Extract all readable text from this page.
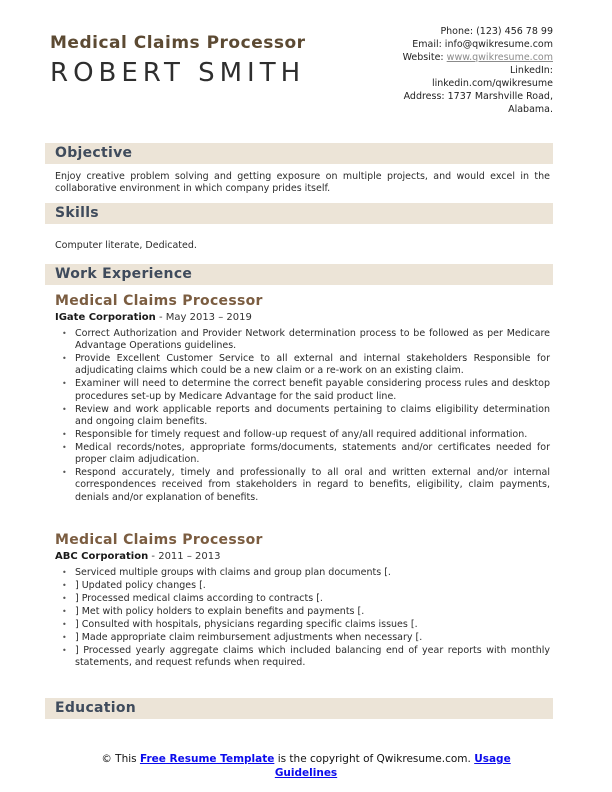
Medical Claims Processor
ROBERT SMITH
Phone: (123) 456 78 99
Email: info@qwikresume.com
Website: www.qwikresume.com
LinkedIn:
linkedin.com/qwikresume
Address: 1737 Marshville Road,
Alabama.
Objective

Enjoy creative problem solving and getting exposure on multiple projects, and would excel in the collaborative environment in which company prides itself.

Skills

Computer literate, Dedicated.

Work Experience
Medical Claims Processor
IGate Corporation - May 2013 – 2019
• Correct Authorization and Provider Network determination process to be followed as per Medicare Advantage Operations guidelines.
• Provide Excellent Customer Service to all external and internal stakeholders Responsible for adjudicating claims which could be a new claim or a re-work on an existing claim.
• Examiner will need to determine the correct benefit payable considering process rules and desktop procedures set-up by Medicare Advantage for the said product line.
• Review and work applicable reports and documents pertaining to claims eligibility determination and ongoing claim benefits.
• Responsible for timely request and follow-up request of any/all required additional information.
• Medical records/notes, appropriate forms/documents, statements and/or certificates needed for proper claim adjudication.
• Respond accurately, timely and professionally to all oral and written external and/or internal correspondences received from stakeholders in regard to benefits, eligibility, claim payments, denials and/or explanation of benefits.
Medical Claims Processor
ABC Corporation - 2011 – 2013
• Serviced multiple groups with claims and group plan documents [.
• ] Updated policy changes [.
• ] Processed medical claims according to contracts [.
• ] Met with policy holders to explain benefits and payments [.
• ] Consulted with hospitals, physicians regarding specific claims issues [.
• ] Made appropriate claim reimbursement adjustments when necessary [.
• ] Processed yearly aggregate claims which included balancing end of year reports with monthly statements, and request refunds when required.
Education
© This Free Resume Template is the copyright of Qwikresume.com. Usage Guidelines
